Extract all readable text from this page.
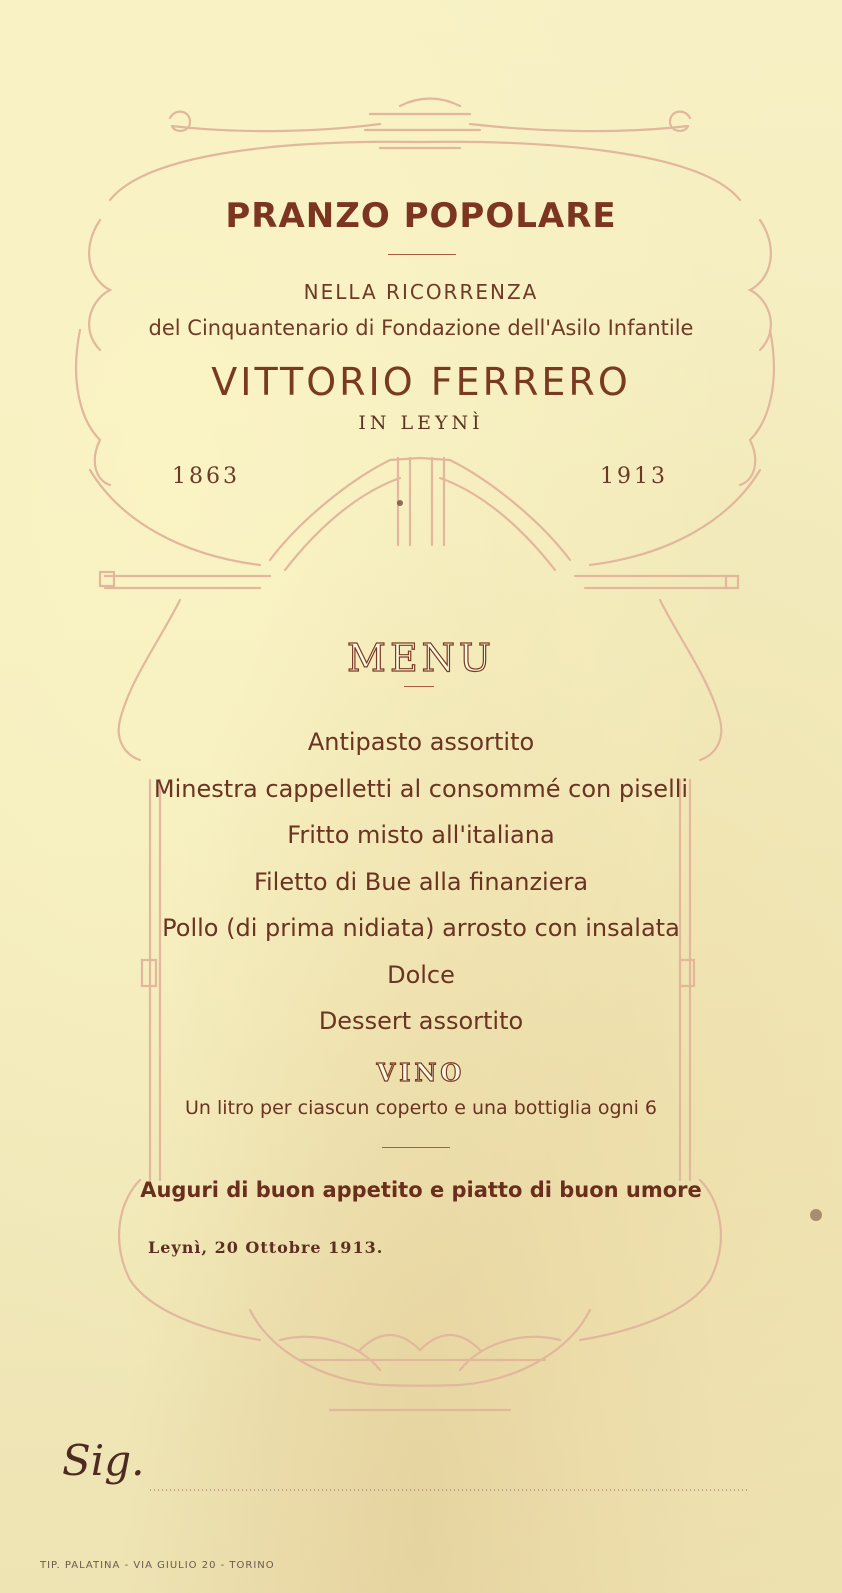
PRANZO POPOLARE
NELLA RICORRENZA
del Cinquantenario di Fondazione dell'Asilo Infantile
VITTORIO FERRERO
IN LEYNÌ
1863	1913
MENU
Antipasto assortito
Minestra cappelletti al consommé con piselli
Fritto misto all'italiana
Filetto di Bue alla finanziera
Pollo (di prima nidiata) arrosto con insalata
Dolce
Dessert assortito
VINO
Un litro per ciascun coperto e una bottiglia ogni 6
Auguri di buon appetito e piatto di buon umore
Leynì, 20 Ottobre 1913.
Sig.
TIP. PALATINA - VIA GIULIO 20 - TORINO
